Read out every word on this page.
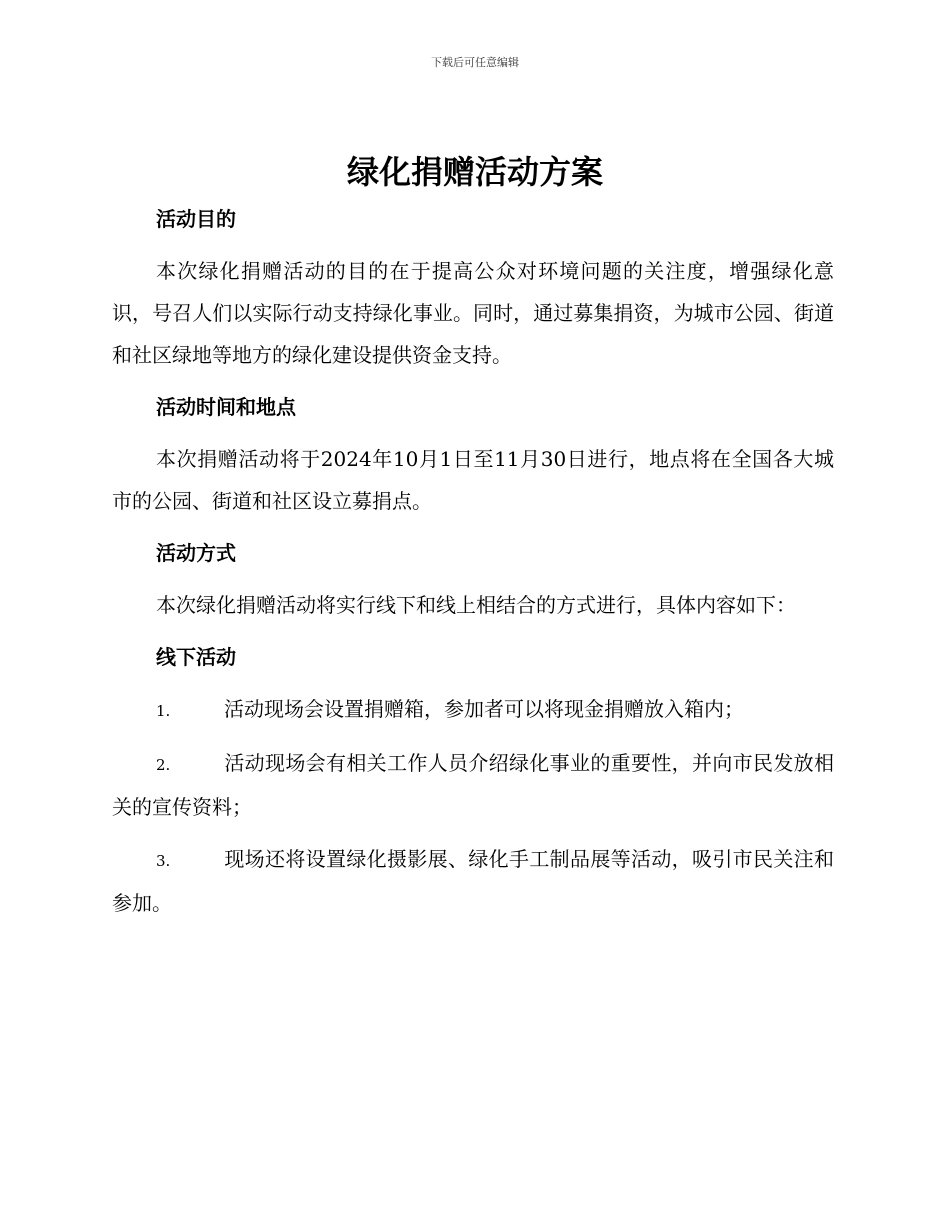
下载后可任意编辑
绿化捐赠活动方案

活动目的

本次绿化捐赠活动的目的在于提高公众对环境问题的关注度，增强绿化意识，号召人们以实际行动支持绿化事业。同时，通过募集捐资，为城市公园、街道和社区绿地等地方的绿化建设提供资金支持。

活动时间和地点

本次捐赠活动将于2024年10月1日至11月30日进行，地点将在全国各大城市的公园、街道和社区设立募捐点。

活动方式

本次绿化捐赠活动将实行线下和线上相结合的方式进行，具体内容如下：

线下活动

1.	活动现场会设置捐赠箱，参加者可以将现金捐赠放入箱内；

2.	活动现场会有相关工作人员介绍绿化事业的重要性，并向市民发放相关的宣传资料；

3.	现场还将设置绿化摄影展、绿化手工制品展等活动，吸引市民关注和参加。
